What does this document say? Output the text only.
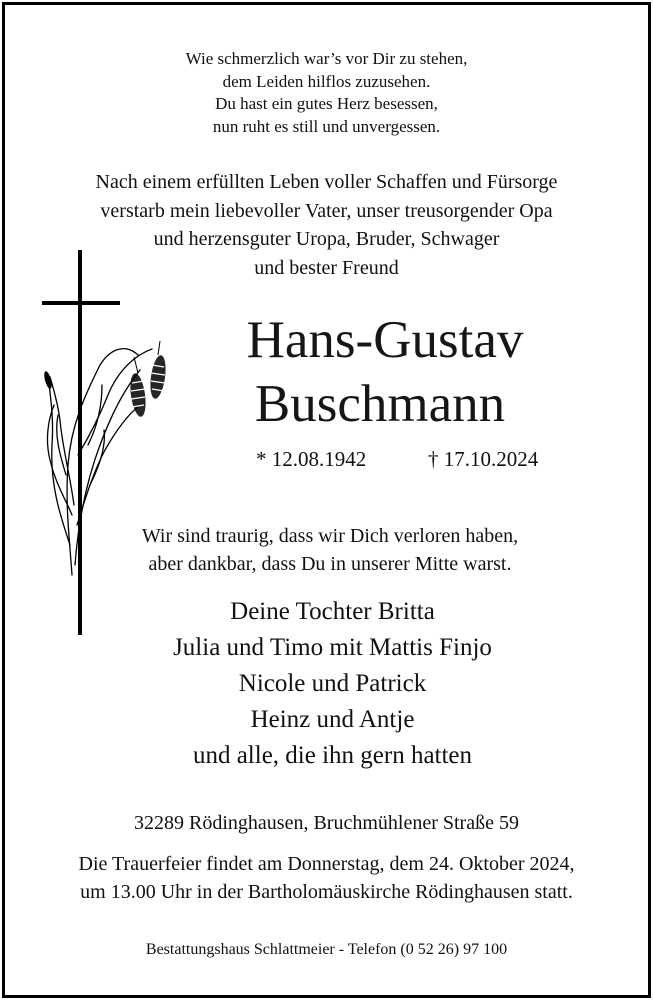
Wie schmerzlich war’s vor Dir zu stehen,
dem Leiden hilflos zuzusehen.
Du hast ein gutes Herz besessen,
nun ruht es still und unvergessen.
Nach einem erfüllten Leben voller Schaffen und Fürsorge
verstarb mein liebevoller Vater, unser treusorgender Opa
und herzensguter Uropa, Bruder, Schwager
und bester Freund
Hans-Gustav
Buschmann
* 12.08.1942	† 17.10.2024
Wir sind traurig, dass wir Dich verloren haben,
aber dankbar, dass Du in unserer Mitte warst.
Deine Tochter Britta
Julia und Timo mit Mattis Finjo
Nicole und Patrick
Heinz und Antje
und alle, die ihn gern hatten
32289 Rödinghausen, Bruchmühlener Straße 59
Die Trauerfeier findet am Donnerstag, dem 24. Oktober 2024,
um 13.00 Uhr in der Bartholomäuskirche Rödinghausen statt.
Bestattungshaus Schlattmeier - Telefon (0 52 26) 97 100
